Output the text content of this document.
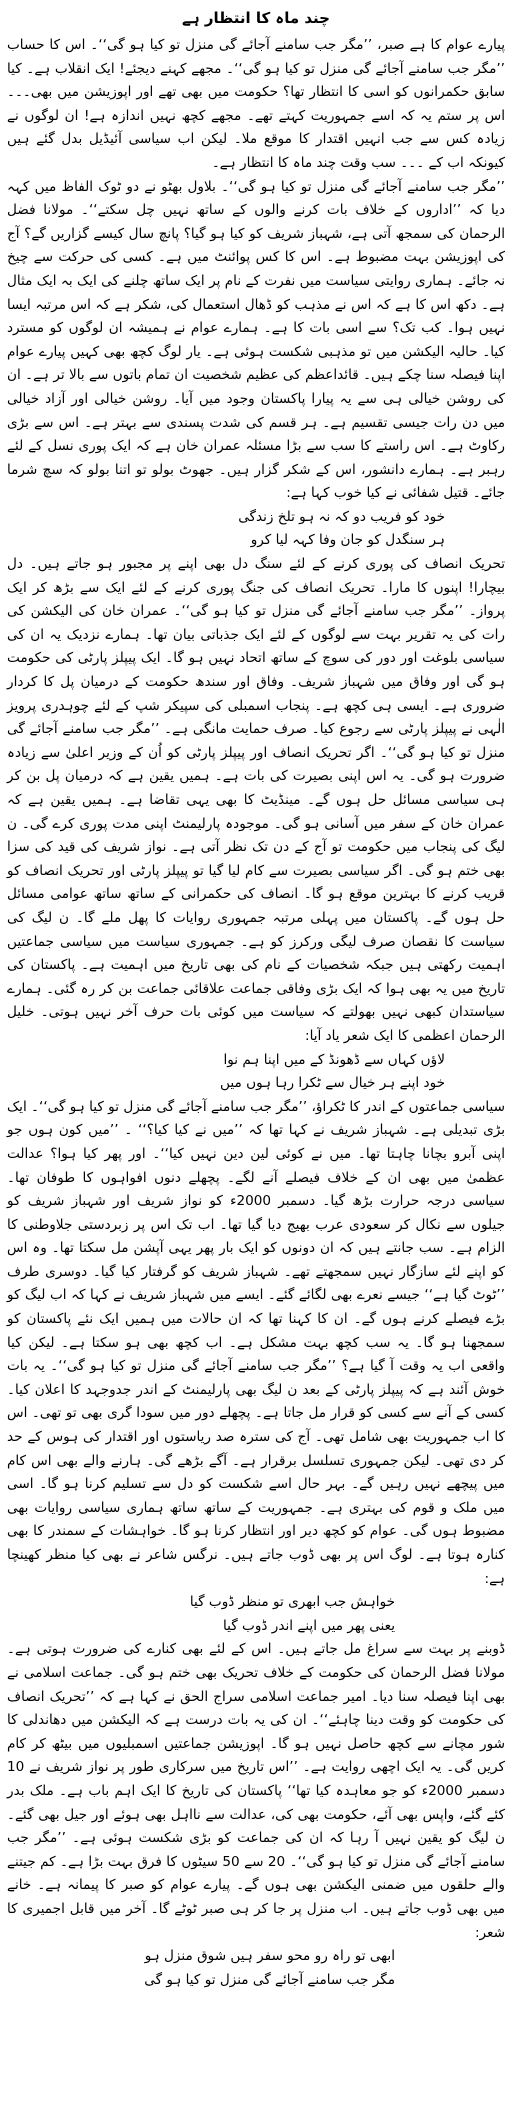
چند ماہ کا انتظار ہے

پیارے عوام کا ہے صبر، ’’مگر جب سامنے آجائے گی منزل تو کیا ہو گی‘‘۔ اس کا حساب ’’مگر جب سامنے آجائے گی منزل تو کیا ہو گی‘‘۔ مجھے کہنے دیجئے! ایک انقلاب ہے۔ کیا سابق حکمرانوں کو اسی کا انتظار تھا؟ حکومت میں بھی تھے اور اپوزیشن میں بھی۔۔۔ اس پر ستم یہ کہ اسے جمہوریت کہتے تھے۔ مجھے کچھ نہیں اندازہ ہے! ان لوگوں نے زیادہ کس سے جب انہیں اقتدار کا موقع ملا۔ لیکن اب سیاسی آئیڈیل بدل گئے ہیں کیونکہ اب کے ۔۔۔ سب وقت چند ماہ کا انتظار ہے۔

’’مگر جب سامنے آجائے گی منزل تو کیا ہو گی‘‘۔ بلاول بھٹو نے دو ٹوک الفاظ میں کہہ دیا کہ ’’اداروں کے خلاف بات کرنے والوں کے ساتھ نہیں چل سکتے‘‘۔ مولانا فضل الرحمان کی سمجھ آتی ہے، شہباز شریف کو کیا ہو گیا؟ پانچ سال کیسے گزاریں گے؟ آج کی اپوزیشن بہت مضبوط ہے۔ اس کا کس پوائنٹ میں ہے۔ کسی کی حرکت سے چیخ نہ جائے۔ ہماری روایتی سیاست میں نفرت کے نام پر ایک ساتھ چلنے کی ایک بہ ایک مثال ہے۔ دکھ اس کا ہے کہ اس نے مذہب کو ڈھال استعمال کی، شکر ہے کہ اس مرتبہ ایسا نہیں ہوا۔ کب تک؟ سے اسی بات کا ہے۔ ہمارے عوام نے ہمیشہ ان لوگوں کو مسترد کیا۔ حالیہ الیکشن میں تو مذہبی شکست ہوئی ہے۔ یار لوگ کچھ بھی کہیں پیارے عوام اپنا فیصلہ سنا چکے ہیں۔ قائداعظم کی عظیم شخصیت ان تمام باتوں سے بالا تر ہے۔ ان کی روشن خیالی ہی سے یہ پیارا پاکستان وجود میں آیا۔ روشن خیالی اور آزاد خیالی میں دن رات جیسی تقسیم ہے۔ ہر قسم کی شدت پسندی سے بہتر ہے۔ اس سے بڑی رکاوٹ ہے۔ اس راستے کا سب سے بڑا مسئلہ عمران خان ہے کہ ایک پوری نسل کے لئے رہبر ہے۔ ہمارے دانشور، اس کے شکر گزار ہیں۔ جھوٹ بولو تو اتنا بولو کہ سچ شرما جائے۔ قتیل شفائی نے کیا خوب کہا ہے:

خود کو فریب دو کہ نہ ہو تلخ زندگی
ہر سنگدل کو جان وفا کہہ لیا کرو

تحریک انصاف کی پوری کرنے کے لئے سنگ دل بھی اپنے پر مجبور ہو جاتے ہیں۔ دل بیچارا! اپنوں کا مارا۔ تحریک انصاف کی جنگ پوری کرنے کے لئے ایک سے بڑھ کر ایک پرواز۔ ’’مگر جب سامنے آجائے گی منزل تو کیا ہو گی‘‘۔ عمران خان کی الیکشن کی رات کی یہ تقریر بہت سے لوگوں کے لئے ایک جذباتی بیان تھا۔ ہمارے نزدیک یہ ان کی سیاسی بلوغت اور دور کی سوچ کے ساتھ اتحاد نہیں ہو گا۔ ایک پیپلز پارٹی کی حکومت ہو گی اور وفاق میں شہباز شریف۔ وفاق اور سندھ حکومت کے درمیان پل کا کردار ضروری ہے۔ ایسی ہی کچھ ہے۔ پنجاب اسمبلی کی سپیکر شپ کے لئے چوہدری پرویز الٰہی نے پیپلز پارٹی سے رجوع کیا۔ صرف حمایت مانگی ہے۔ ’’مگر جب سامنے آجائے گی منزل تو کیا ہو گی‘‘۔ اگر تحریک انصاف اور پیپلز پارٹی کو اُن کے وزیر اعلیٰ سے زیادہ ضرورت ہو گی۔ یہ اس اپنی بصیرت کی بات ہے۔ ہمیں یقین ہے کہ درمیان پل بن کر ہی سیاسی مسائل حل ہوں گے۔ مینڈیٹ کا بھی یہی تقاضا ہے۔ ہمیں یقین ہے کہ عمران خان کے سفر میں آسانی ہو گی۔ موجودہ پارلیمنٹ اپنی مدت پوری کرے گی۔ ن لیگ کی پنجاب میں حکومت تو آج کے دن تک نظر آتی ہے۔ نواز شریف کی قید کی سزا بھی ختم ہو گی۔ اگر سیاسی بصیرت سے کام لیا گیا تو پیپلز پارٹی اور تحریک انصاف کو قریب کرنے کا بہترین موقع ہو گا۔ انصاف کی حکمرانی کے ساتھ ساتھ عوامی مسائل حل ہوں گے۔ پاکستان میں پہلی مرتبہ جمہوری روایات کا پھل ملے گا۔ ن لیگ کی سیاست کا نقصان صرف لیگی ورکرز کو ہے۔ جمہوری سیاست میں سیاسی جماعتیں اہمیت رکھتی ہیں جبکہ شخصیات کے نام کی بھی تاریخ میں اہمیت ہے۔ پاکستان کی تاریخ میں یہ بھی ہوا کہ ایک بڑی وفاقی جماعت علاقائی جماعت بن کر رہ گئی۔ ہمارے سیاستدان کبھی نہیں بھولتے کہ سیاست میں کوئی بات حرف آخر نہیں ہوتی۔ خلیل الرحمان اعظمی کا ایک شعر یاد آیا:

لاؤں کہاں سے ڈھونڈ کے میں اپنا ہم نوا
خود اپنے ہر خیال سے ٹکرا رہا ہوں میں

سیاسی جماعتوں کے اندر کا ٹکراؤ، ’’مگر جب سامنے آجائے گی منزل تو کیا ہو گی‘‘۔ ایک بڑی تبدیلی ہے۔ شہباز شریف نے کہا تھا کہ ’’میں نے کیا کیا؟‘‘ ۔ ’’میں کون ہوں جو اپنی آبرو بچانا چاہتا تھا۔ میں نے کوئی لین دین نہیں کیا‘‘۔ اور پھر کیا ہوا؟ عدالت عظمیٰ میں بھی ان کے خلاف فیصلے آنے لگے۔ پچھلے دنوں افواہوں کا طوفان تھا۔ سیاسی درجہ حرارت بڑھ گیا۔ دسمبر 2000ء کو نواز شریف اور شہباز شریف کو جیلوں سے نکال کر سعودی عرب بھیج دیا گیا تھا۔ اب تک اس پر زبردستی جلاوطنی کا الزام ہے۔ سب جانتے ہیں کہ ان دونوں کو ایک بار پھر یہی آپشن مل سکتا تھا۔ وہ اس کو اپنے لئے سازگار نہیں سمجھتے تھے۔ شہباز شریف کو گرفتار کیا گیا۔ دوسری طرف ’’ٹوٹ گیا ہے‘‘ جیسے نعرے بھی لگائے گئے۔ ایسے میں شہباز شریف نے کہا کہ اب لیگ کو بڑے فیصلے کرنے ہوں گے۔ ان کا کہنا تھا کہ ان حالات میں ہمیں ایک نئے پاکستان کو سمجھنا ہو گا۔ یہ سب کچھ بہت مشکل ہے۔ اب کچھ بھی ہو سکتا ہے۔ لیکن کیا واقعی اب یہ وقت آ گیا ہے؟ ’’مگر جب سامنے آجائے گی منزل تو کیا ہو گی‘‘۔ یہ بات خوش آئند ہے کہ پیپلز پارٹی کے بعد ن لیگ بھی پارلیمنٹ کے اندر جدوجہد کا اعلان کیا۔ کسی کے آنے سے کسی کو قرار مل جاتا ہے۔ پچھلے دور میں سودا گری بھی تو تھی۔ اس کا اب جمہوریت بھی شامل تھی۔ آج کی سترہ صد ریاستوں اور اقتدار کی ہوس کے حد کر دی تھی۔ لیکن جمہوری تسلسل برقرار ہے۔ آگے بڑھے گی۔ ہارنے والے بھی اس کام میں پیچھے نہیں رہیں گے۔ بہر حال اسے شکست کو دل سے تسلیم کرنا ہو گا۔ اسی میں ملک و قوم کی بہتری ہے۔ جمہوریت کے ساتھ ساتھ ہماری سیاسی روایات بھی مضبوط ہوں گی۔ عوام کو کچھ دیر اور انتظار کرنا ہو گا۔ خواہشات کے سمندر کا بھی کنارہ ہوتا ہے۔ لوگ اس پر بھی ڈوب جاتے ہیں۔ نرگس شاعر نے بھی کیا منظر کھینچا ہے:

خواہش جب ابھری تو منظر ڈوب گیا
یعنی پھر میں اپنے اندر ڈوب گیا

ڈوبنے پر بہت سے سراغ مل جاتے ہیں۔ اس کے لئے بھی کنارے کی ضرورت ہوتی ہے۔ مولانا فضل الرحمان کی حکومت کے خلاف تحریک بھی ختم ہو گی۔ جماعت اسلامی نے بھی اپنا فیصلہ سنا دیا۔ امیر جماعت اسلامی سراج الحق نے کہا ہے کہ ’’تحریک انصاف کی حکومت کو وقت دینا چاہئے‘‘۔ ان کی یہ بات درست ہے کہ الیکشن میں دھاندلی کا شور مچانے سے کچھ حاصل نہیں ہو گا۔ اپوزیشن جماعتیں اسمبلیوں میں بیٹھ کر کام کریں گی۔ یہ ایک اچھی روایت ہے۔ ’’اس تاریخ میں سرکاری طور پر نواز شریف نے 10 دسمبر 2000ء کو جو معاہدہ کیا تھا‘‘ پاکستان کی تاریخ کا ایک اہم باب ہے۔ ملک بدر کئے گئے، واپس بھی آئے، حکومت بھی کی، عدالت سے نااہل بھی ہوئے اور جیل بھی گئے۔ ن لیگ کو یقین نہیں آ رہا کہ ان کی جماعت کو بڑی شکست ہوئی ہے۔ ’’مگر جب سامنے آجائے گی منزل تو کیا ہو گی‘‘۔ 20 سے 50 سیٹوں کا فرق بہت بڑا ہے۔ کم جیتنے والے حلقوں میں ضمنی الیکشن بھی ہوں گے۔ پیارے عوام کو صبر کا پیمانہ ہے۔ خانے میں بھی ڈوب جاتے ہیں۔ اب منزل پر جا کر ہی صبر ٹوٹے گا۔ آخر میں قابل اجمیری کا شعر:

ابھی تو راہ رو محو سفر ہیں شوق منزل ہو
مگر جب سامنے آجائے گی منزل تو کیا ہو گی
